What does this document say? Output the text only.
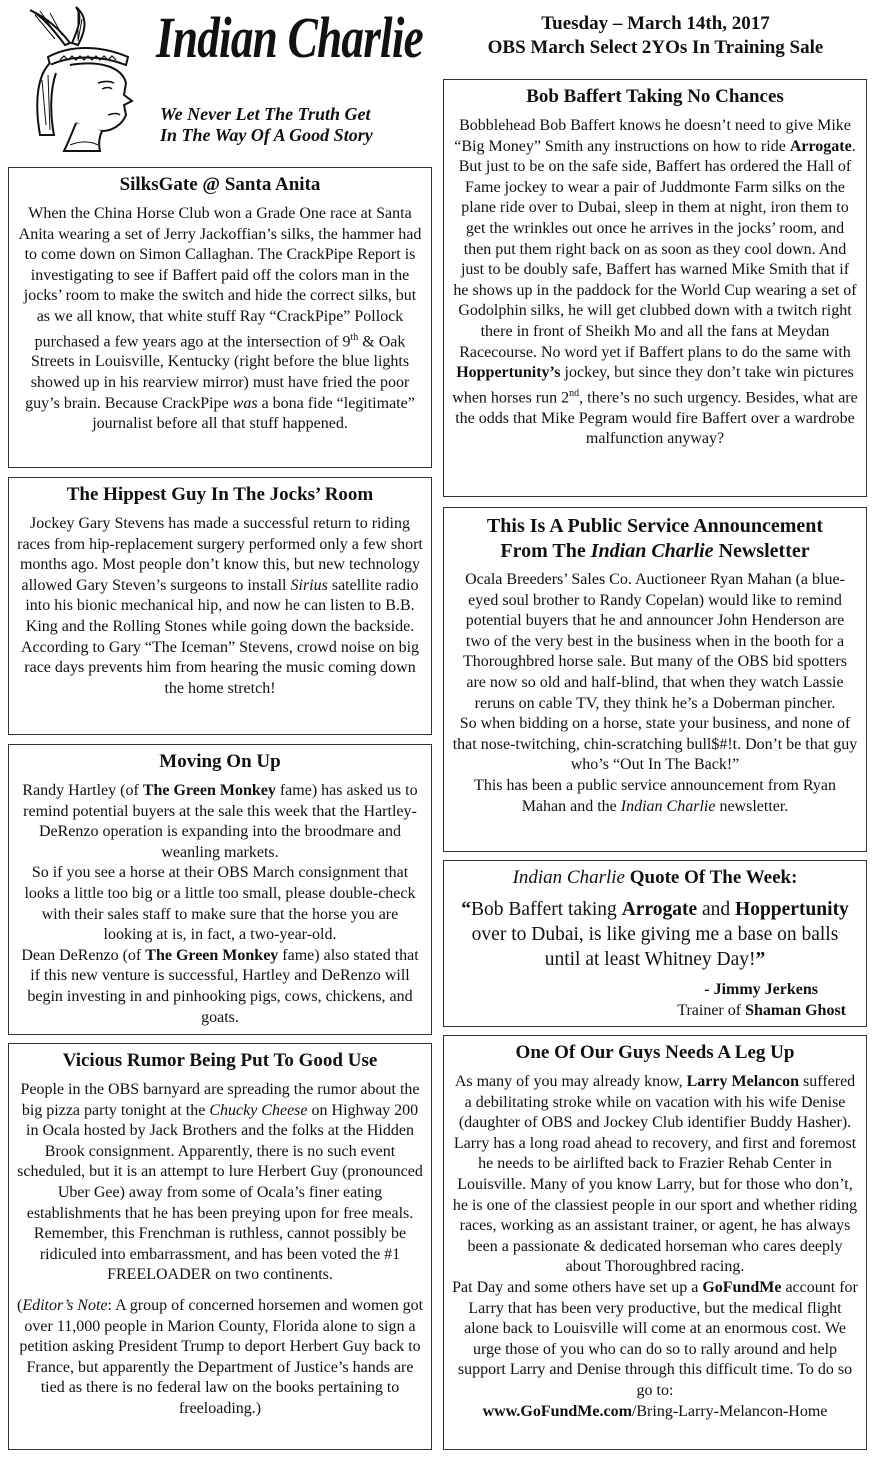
Indian Charlie
We Never Let The Truth Get
In The Way Of A Good Story
Tuesday – March 14th, 2017
OBS March Select 2YOs In Training Sale
SilksGate @ Santa Anita

When the China Horse Club won a Grade One race at Santa Anita wearing a set of Jerry Jackoffian’s silks, the hammer had to come down on Simon Callaghan. The CrackPipe Report is investigating to see if Baffert paid off the colors man in the jocks’ room to make the switch and hide the correct silks, but as we all know, that white stuff Ray “CrackPipe” Pollock purchased a few years ago at the intersection of 9th & Oak Streets in Louisville, Kentucky (right before the blue lights showed up in his rearview mirror) must have fried the poor guy’s brain. Because CrackPipe was a bona fide “legitimate” journalist before all that stuff happened.

The Hippest Guy In The Jocks’ Room

Jockey Gary Stevens has made a successful return to riding races from hip-replacement surgery performed only a few short months ago. Most people don’t know this, but new technology allowed Gary Steven’s surgeons to install Sirius satellite radio into his bionic mechanical hip, and now he can listen to B.B. King and the Rolling Stones while going down the backside. According to Gary “The Iceman” Stevens, crowd noise on big race days prevents him from hearing the music coming down the home stretch!

Moving On Up

Randy Hartley (of The Green Monkey fame) has asked us to remind potential buyers at the sale this week that the Hartley-DeRenzo operation is expanding into the broodmare and weanling markets.

So if you see a horse at their OBS March consignment that looks a little too big or a little too small, please double-check with their sales staff to make sure that the horse you are looking at is, in fact, a two-year-old.

Dean DeRenzo (of The Green Monkey fame) also stated that if this new venture is successful, Hartley and DeRenzo will begin investing in and pinhooking pigs, cows, chickens, and goats.

Vicious Rumor Being Put To Good Use

People in the OBS barnyard are spreading the rumor about the big pizza party tonight at the Chucky Cheese on Highway 200 in Ocala hosted by Jack Brothers and the folks at the Hidden Brook consignment. Apparently, there is no such event scheduled, but it is an attempt to lure Herbert Guy (pronounced Uber Gee) away from some of Ocala’s finer eating establishments that he has been preying upon for free meals. Remember, this Frenchman is ruthless, cannot possibly be ridiculed into embarrassment, and has been voted the #1 FREELOADER on two continents.

(Editor’s Note: A group of concerned horsemen and women got over 11,000 people in Marion County, Florida alone to sign a petition asking President Trump to deport Herbert Guy back to France, but apparently the Department of Justice’s hands are tied as there is no federal law on the books pertaining to freeloading.)

Bob Baffert Taking No Chances

Bobblehead Bob Baffert knows he doesn’t need to give Mike “Big Money” Smith any instructions on how to ride Arrogate. But just to be on the safe side, Baffert has ordered the Hall of Fame jockey to wear a pair of Juddmonte Farm silks on the plane ride over to Dubai, sleep in them at night, iron them to get the wrinkles out once he arrives in the jocks’ room, and then put them right back on as soon as they cool down. And just to be doubly safe, Baffert has warned Mike Smith that if he shows up in the paddock for the World Cup wearing a set of Godolphin silks, he will get clubbed down with a twitch right there in front of Sheikh Mo and all the fans at Meydan Racecourse. No word yet if Baffert plans to do the same with Hoppertunity’s jockey, but since they don’t take win pictures when horses run 2nd, there’s no such urgency. Besides, what are the odds that Mike Pegram would fire Baffert over a wardrobe malfunction anyway?

This Is A Public Service Announcement
From The Indian Charlie Newsletter

Ocala Breeders’ Sales Co. Auctioneer Ryan Mahan (a blue-eyed soul brother to Randy Copelan) would like to remind potential buyers that he and announcer John Henderson are two of the very best in the business when in the booth for a Thoroughbred horse sale. But many of the OBS bid spotters are now so old and half-blind, that when they watch Lassie reruns on cable TV, they think he’s a Doberman pincher.

So when bidding on a horse, state your business, and none of that nose-twitching, chin-scratching bull$#!t. Don’t be that guy who’s “Out In The Back!”

This has been a public service announcement from Ryan Mahan and the Indian Charlie newsletter.

Indian Charlie Quote Of The Week:

“Bob Baffert taking Arrogate and Hoppertunity over to Dubai, is like giving me a base on balls until at least Whitney Day!”

- Jimmy Jerkens

Trainer of Shaman Ghost

One Of Our Guys Needs A Leg Up

As many of you may already know, Larry Melancon suffered a debilitating stroke while on vacation with his wife Denise (daughter of OBS and Jockey Club identifier Buddy Hasher). Larry has a long road ahead to recovery, and first and foremost he needs to be airlifted back to Frazier Rehab Center in Louisville. Many of you know Larry, but for those who don’t, he is one of the classiest people in our sport and whether riding races, working as an assistant trainer, or agent, he has always been a passionate & dedicated horseman who cares deeply about Thoroughbred racing.

Pat Day and some others have set up a GoFundMe account for Larry that has been very productive, but the medical flight alone back to Louisville will come at an enormous cost. We urge those of you who can do so to rally around and help support Larry and Denise through this difficult time. To do so go to:

www.GoFundMe.com/Bring-Larry-Melancon-Home
